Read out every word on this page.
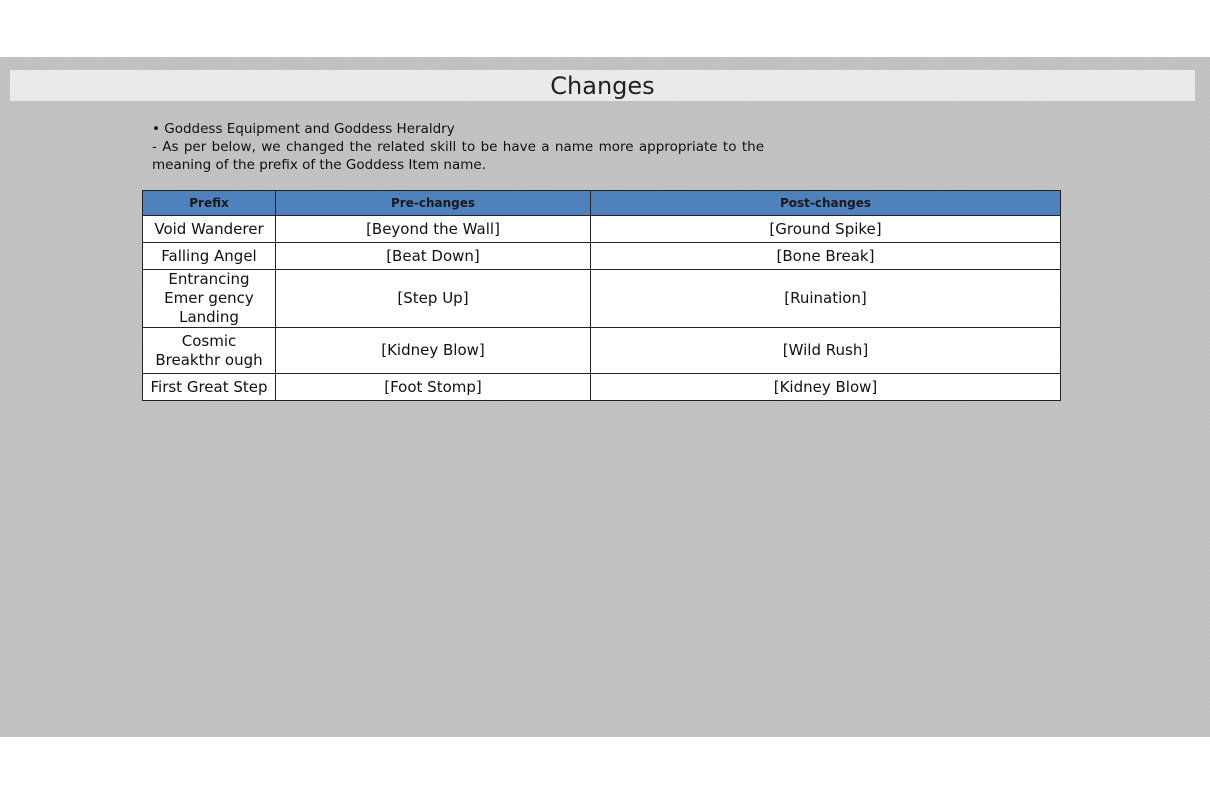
Changes

• Goddess Equipment and Goddess Heraldry

- As per below, we changed the related skill to be have a name more appropriate to the meaning of the prefix of the Goddess Item name.

Prefix	Pre-changes	Post-changes
Void Wanderer	[Beyond the Wall]	[Ground Spike]
Falling Angel	[Beat Down]	[Bone Break]
Entrancing Emer gency Landing	[Step Up]	[Ruination]
Cosmic Breakthr ough	[Kidney Blow]	[Wild Rush]
First Great Step	[Foot Stomp]	[Kidney Blow]
